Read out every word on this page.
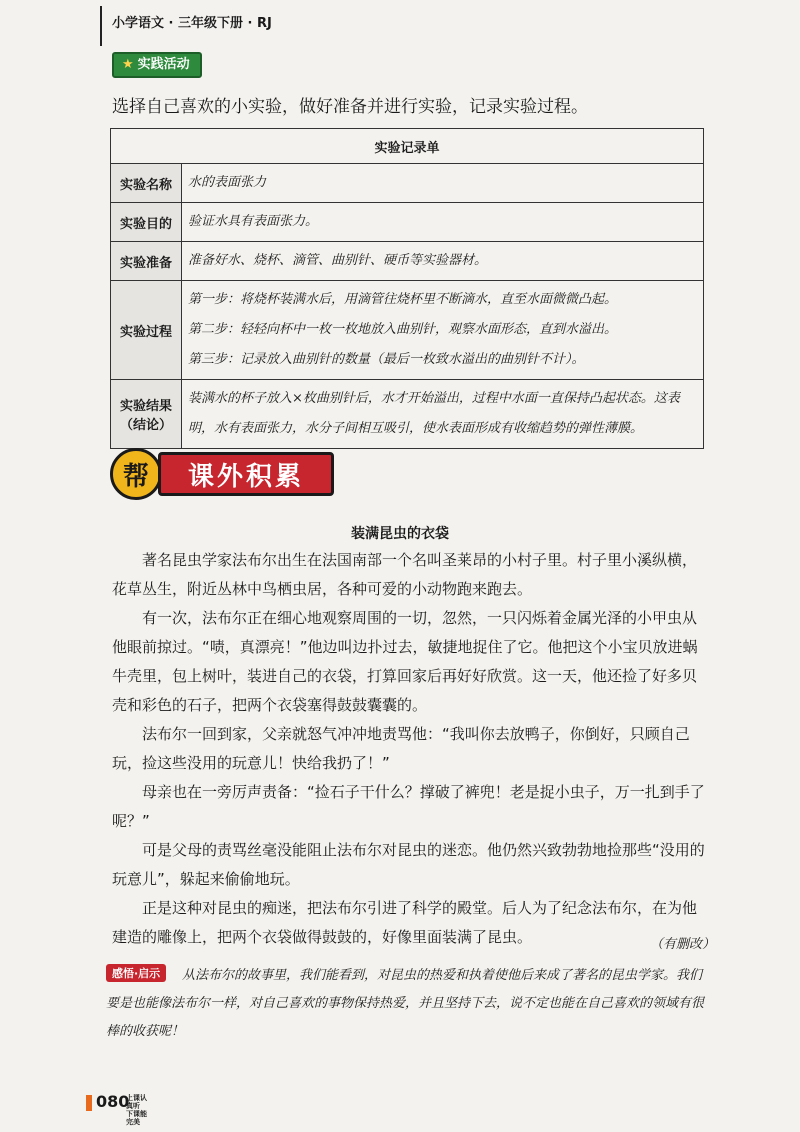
小学语文 · 三年级下册 · RJ
★ 实践活动
选择自己喜欢的小实验，做好准备并进行实验，记录实验过程。
实验记录单	
实验名称	水的表面张力
实验目的	验证水具有表面张力。
实验准备	准备好水、烧杯、滴管、曲别针、硬币等实验器材。
实验过程	第一步：将烧杯装满水后，用滴管往烧杯里不断滴水，直至水面微微凸起。
第二步：轻轻向杯中一枚一枚地放入曲别针，观察水面形态，直到水溢出。
第三步：记录放入曲别针的数量（最后一枚致水溢出的曲别针不计）。

实验结果
（结论）	装满水的杯子放入×枚曲别针后，水才开始溢出，过程中水面一直保持凸起状态。这表明，水有表面张力，水分子间相互吸引，使水表面形成有收缩趋势的弹性薄膜。
帮	课外积累
装满昆虫的衣袋

著名昆虫学家法布尔出生在法国南部一个名叫圣莱昂的小村子里。村子里小溪纵横，花草丛生，附近丛林中鸟栖虫居，各种可爱的小动物跑来跑去。

有一次，法布尔正在细心地观察周围的一切，忽然，一只闪烁着金属光泽的小甲虫从他眼前掠过。“啧，真漂亮！”他边叫边扑过去，敏捷地捉住了它。他把这个小宝贝放进蜗牛壳里，包上树叶，装进自己的衣袋，打算回家后再好好欣赏。这一天，他还捡了好多贝壳和彩色的石子，把两个衣袋塞得鼓鼓囊囊的。

法布尔一回到家，父亲就怒气冲冲地责骂他：“我叫你去放鸭子，你倒好，只顾自己玩，捡这些没用的玩意儿！快给我扔了！”

母亲也在一旁厉声责备：“捡石子干什么？撑破了裤兜！老是捉小虫子，万一扎到手了呢？”

可是父母的责骂丝毫没能阻止法布尔对昆虫的迷恋。他仍然兴致勃勃地捡那些“没用的玩意儿”，躲起来偷偷地玩。

正是这种对昆虫的痴迷，把法布尔引进了科学的殿堂。后人为了纪念法布尔，在为他建造的雕像上，把两个衣袋做得鼓鼓的，好像里面装满了昆虫。	（有删改）
从法布尔的故事里，我们能看到，对昆虫的热爱和执着使他后来成了著名的昆虫学家。我们要是也能像法布尔一样，对自己喜欢的事物保持热爱，并且坚持下去，说不定也能在自己喜欢的领域有很棒的收获呢！
感悟·启示
080
上课认真听
下课能完美
